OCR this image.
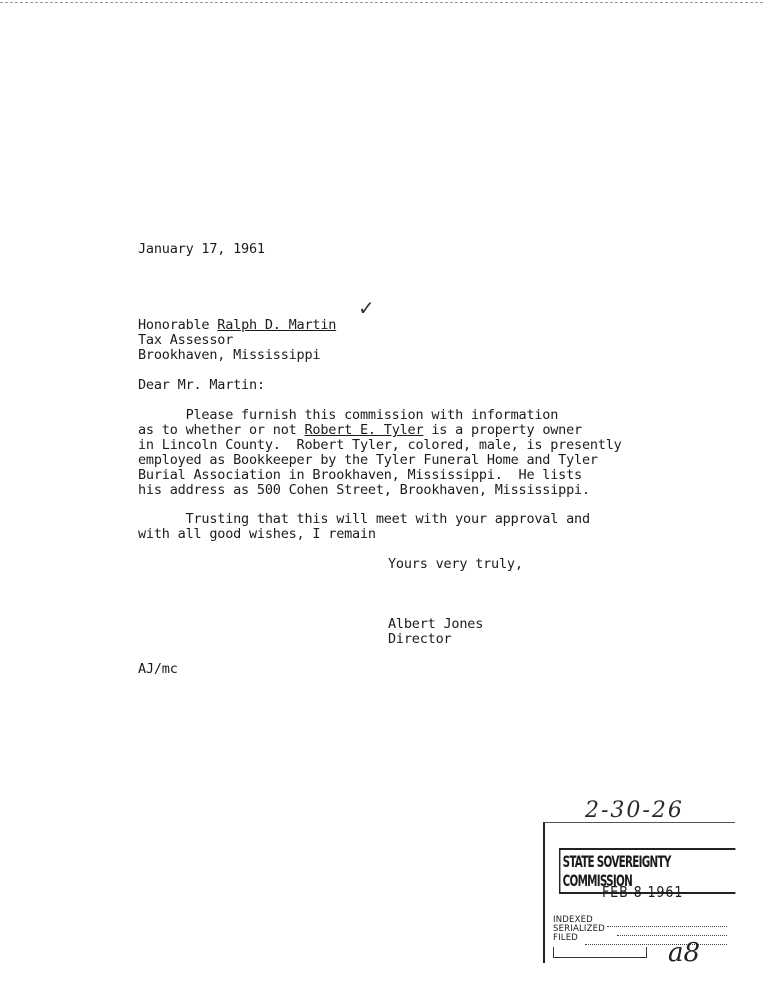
January 17, 1961
Honorable Ralph D. Martin
✓
Tax Assessor
Brookhaven, Mississippi
Dear Mr. Martin:
Please furnish this commission with information
as to whether or not Robert E. Tyler is a property owner
in Lincoln County.  Robert Tyler, colored, male, is presently
employed as Bookkeeper by the Tyler Funeral Home and Tyler
Burial Association in Brookhaven, Mississippi.  He lists
his address as 500 Cohen Street, Brookhaven, Mississippi.
Trusting that this will meet with your approval and
with all good wishes, I remain
Yours very truly,
Albert Jones
Director
AJ/mc
2-30-26
STATE SOVEREIGNTY COMMISSION
FEB 8 1961
INDEXED
SERIALIZED
FILED	a8
